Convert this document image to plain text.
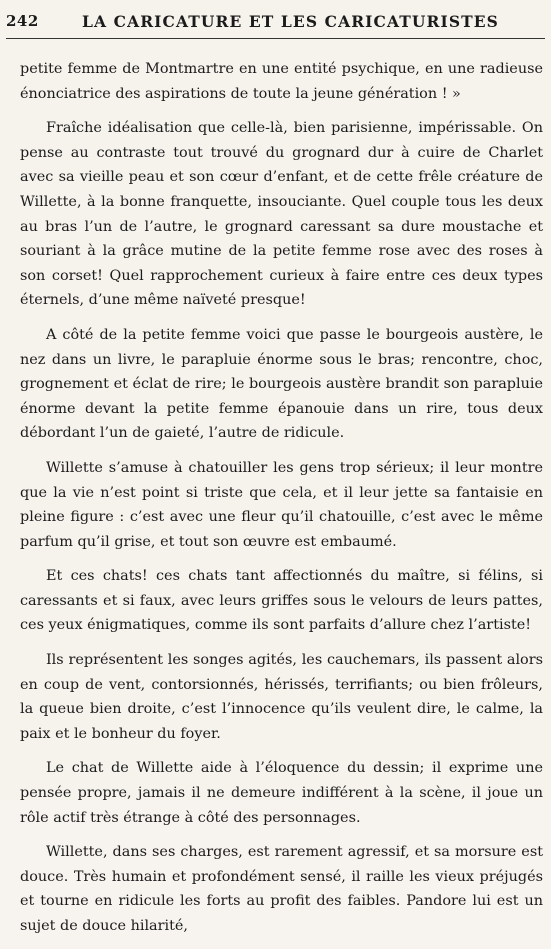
242	LA CARICATURE ET LES CARICATURISTES

petite femme de Montmartre en une entité psychique, en une radieuse énonciatrice des aspirations de toute la jeune génération ! »

Fraîche idéalisation que celle-là, bien parisienne, impérissable. On pense au contraste tout trouvé du grognard dur à cuire de Charlet avec sa vieille peau et son cœur d’enfant, et de cette frêle créature de Willette, à la bonne franquette, insouciante. Quel couple tous les deux au bras l’un de l’autre, le grognard caressant sa dure moustache et souriant à la grâce mutine de la petite femme rose avec des roses à son corset! Quel rapprochement curieux à faire entre ces deux types éternels, d’une même naïveté presque!

A côté de la petite femme voici que passe le bourgeois austère, le nez dans un livre, le parapluie énorme sous le bras; rencontre, choc, grognement et éclat de rire; le bourgeois austère brandit son parapluie énorme devant la petite femme épanouie dans un rire, tous deux débordant l’un de gaieté, l’autre de ridicule.

Willette s’amuse à chatouiller les gens trop sérieux; il leur montre que la vie n’est point si triste que cela, et il leur jette sa fantaisie en pleine figure : c’est avec une fleur qu’il chatouille, c’est avec le même parfum qu’il grise, et tout son œuvre est embaumé.

Et ces chats! ces chats tant affectionnés du maître, si félins, si caressants et si faux, avec leurs griffes sous le velours de leurs pattes, ces yeux énigmatiques, comme ils sont parfaits d’allure chez l’artiste!

Ils représentent les songes agités, les cauchemars, ils passent alors en coup de vent, contorsionnés, hérissés, terrifiants; ou bien frôleurs, la queue bien droite, c’est l’innocence qu’ils veulent dire, le calme, la paix et le bonheur du foyer.

Le chat de Willette aide à l’éloquence du dessin; il exprime une pensée propre, jamais il ne demeure indifférent à la scène, il joue un rôle actif très étrange à côté des personnages.

Willette, dans ses charges, est rarement agressif, et sa morsure est douce. Très humain et profondément sensé, il raille les vieux préjugés et tourne en ridicule les forts au profit des faibles. Pandore lui est un sujet de douce hilarité,
